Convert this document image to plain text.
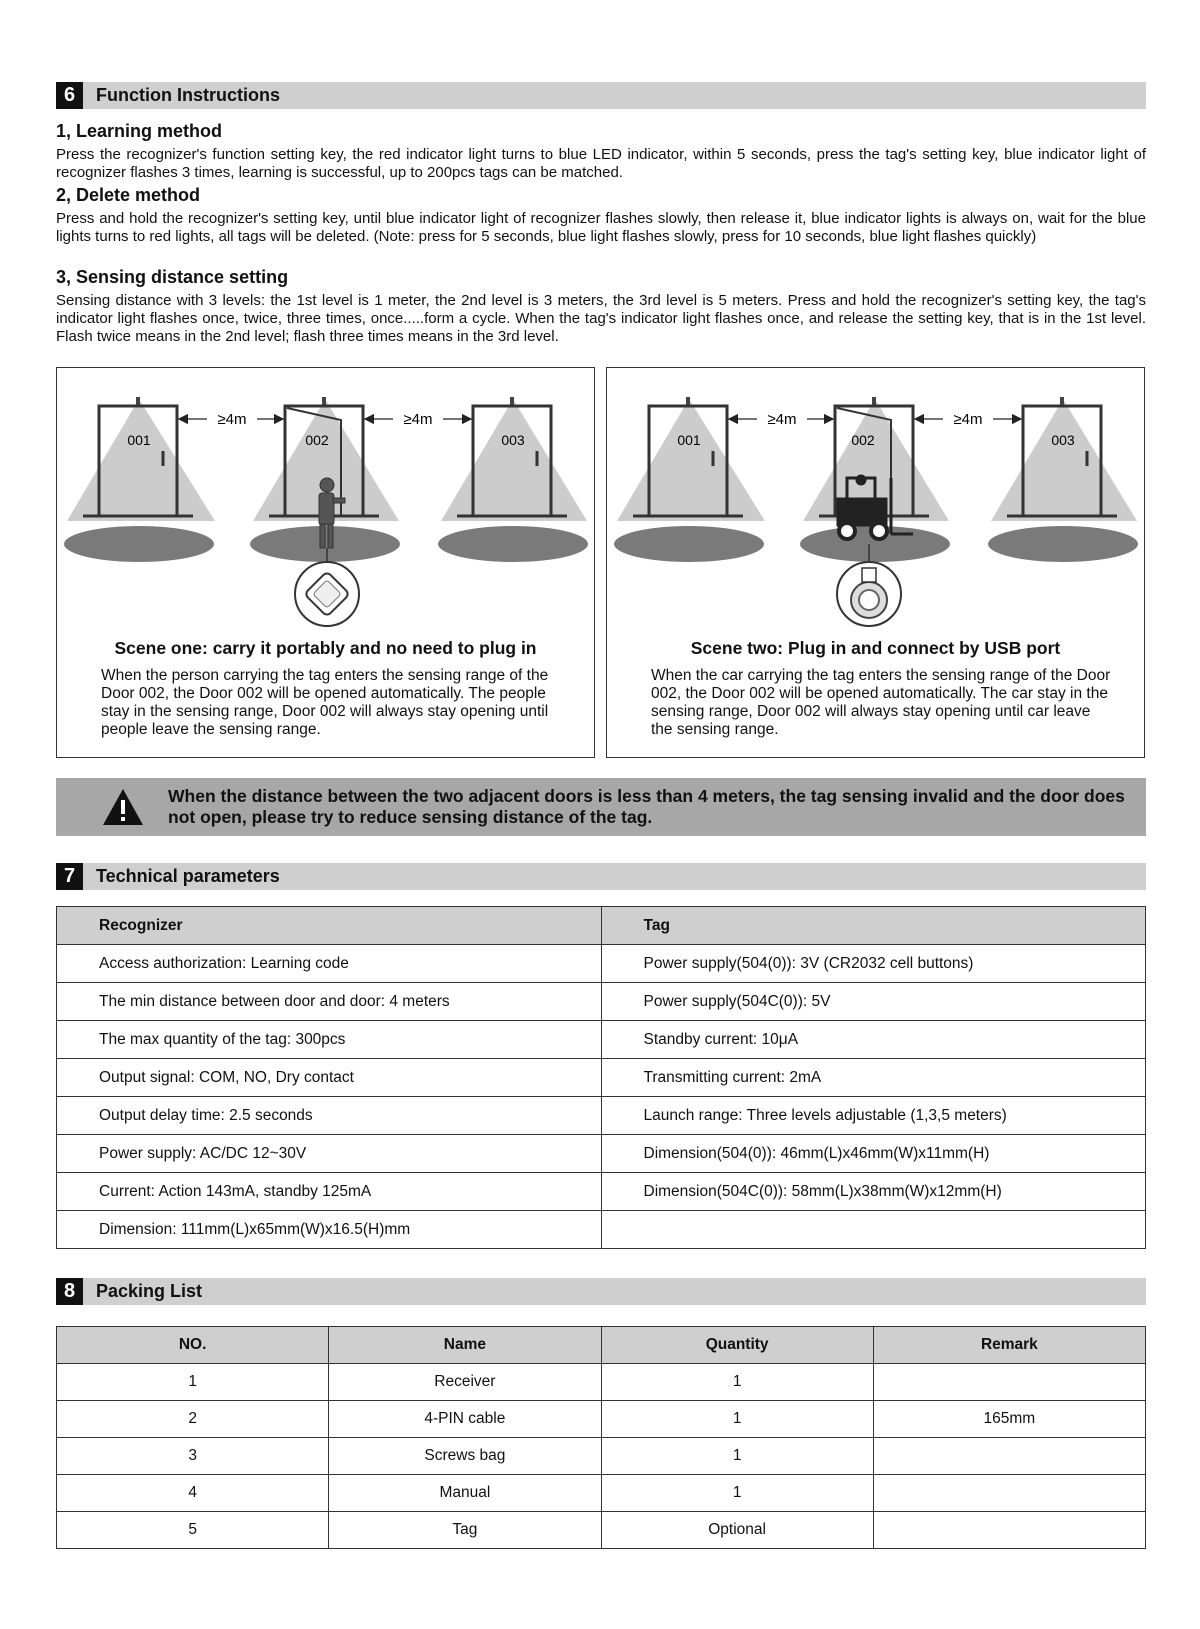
6	Function Instructions
1, Learning method
Press the recognizer's function setting key, the red indicator light turns to blue LED indicator, within 5 seconds, press the tag's setting key, blue indicator light of recognizer flashes 3 times, learning is successful, up to 200pcs tags can be matched.
2, Delete method
Press and hold the recognizer's setting key, until blue indicator light of recognizer flashes slowly, then release it, blue indicator lights is always on, wait for the blue lights turns to red lights, all tags will be deleted. (Note: press for 5 seconds, blue light flashes slowly, press for 10 seconds, blue light flashes quickly)
3, Sensing distance setting
Sensing distance with 3 levels: the 1st level is 1 meter, the 2nd level is 3 meters, the 3rd level is 5 meters. Press and hold the recognizer's setting key, the tag's indicator light flashes once, twice, three times, once.....form a cycle. When the tag's indicator light flashes once, and release the setting key, that is in the 1st level. Flash twice means in the 2nd level; flash three times means in the 3rd level.
001	002	003
≥4m	≥4m
Scene one: carry it portably and no need to plug in
When the person carrying the tag enters the sensing range of the Door 002, the Door 002 will be opened automatically. The people stay in the sensing range, Door 002 will always stay opening until people leave the sensing range.
001	002	003
≥4m	≥4m
Scene two: Plug in and connect by USB port
When the car carrying the tag enters the sensing range of the Door 002, the Door 002 will be opened automatically. The car stay in the sensing range, Door 002 will always stay opening until car leave the sensing range.
When the distance between the two adjacent doors is less than 4 meters, the tag sensing invalid and the door does not open, please try to reduce sensing distance of the tag.
7	Technical parameters
Recognizer	Tag
Access authorization: Learning code	Power supply(504(0)): 3V (CR2032 cell buttons)
The min distance between door and door: 4 meters	Power supply(504C(0)): 5V
The max quantity of the tag: 300pcs	Standby current: 10μA
Output signal: COM, NO, Dry contact	Transmitting current: 2mA
Output delay time: 2.5 seconds	Launch range: Three levels adjustable (1,3,5 meters)
Power supply: AC/DC 12~30V	Dimension(504(0)): 46mm(L)x46mm(W)x11mm(H)
Current: Action 143mA, standby 125mA	Dimension(504C(0)): 58mm(L)x38mm(W)x12mm(H)
Dimension: 111mm(L)x65mm(W)x16.5(H)mm	
8	Packing List
NO.	Name	Quantity	Remark
1	Receiver	1	
2	4-PIN cable	1	165mm
3	Screws bag	1	
4	Manual	1	
5	Tag	Optional	
